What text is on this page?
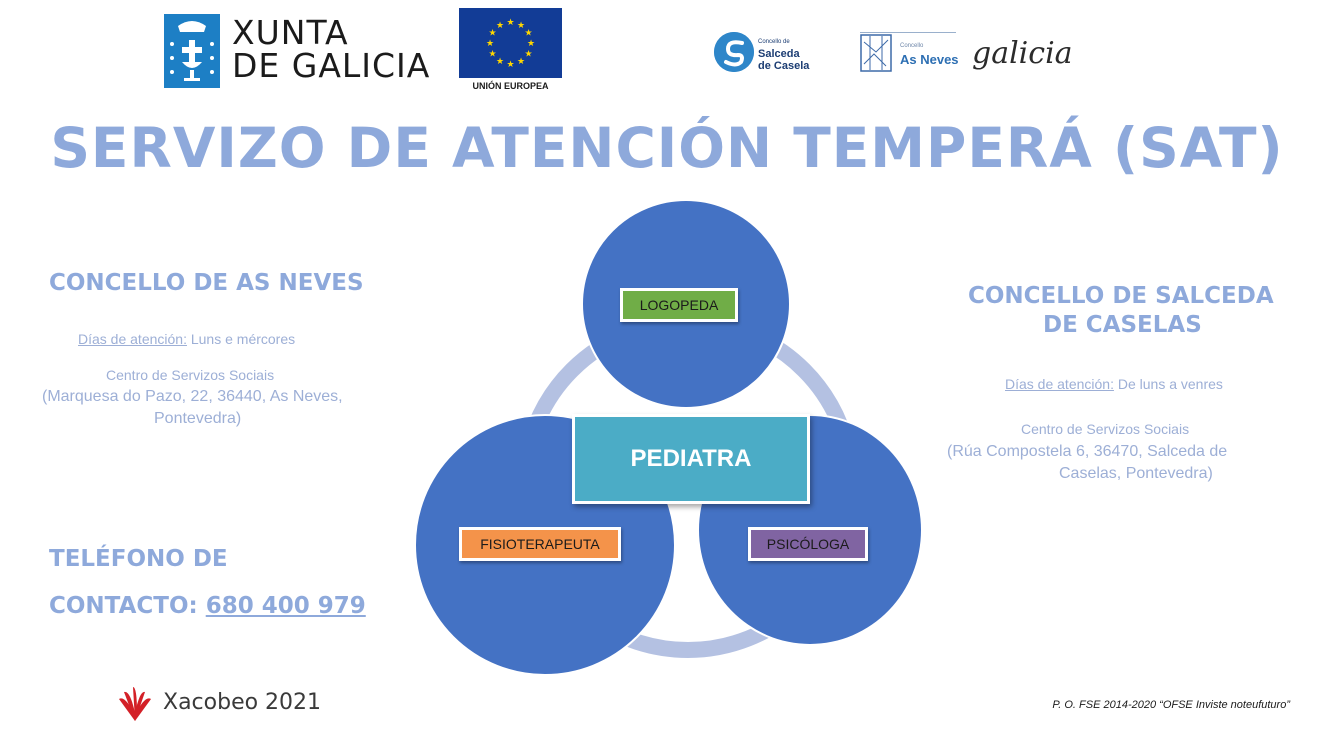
XUNTA
DE GALICIA
★ ★
★
★
★
★
★
★
★
★
★
★
UNIÓN EUROPEA
Concello de
Salceda
de Casela
Concello
As Neves galicia
SERVIZO DE ATENCIÓN TEMPERÁ (SAT)
CONCELLO DE AS NEVES
Días de atención: Luns e mércores
Centro de Servizos Sociais
(Marquesa do Pazo, 22, 36440, As Neves,
Pontevedra)
TELÉFONO DE
CONTACTO: 680 400 979
CONCELLO DE SALCEDA
DE CASELAS
Días de atención: De luns a venres
Centro de Servizos Sociais
(Rúa Compostela 6, 36470, Salceda de
Caselas, Pontevedra)
LOGOPEDA
FISIOTERAPEUTA	PSICÓLOGA
PEDIATRA
Xacobeo 2021	P. O. FSE 2014-2020 “OFSE Inviste noteufuturo”
